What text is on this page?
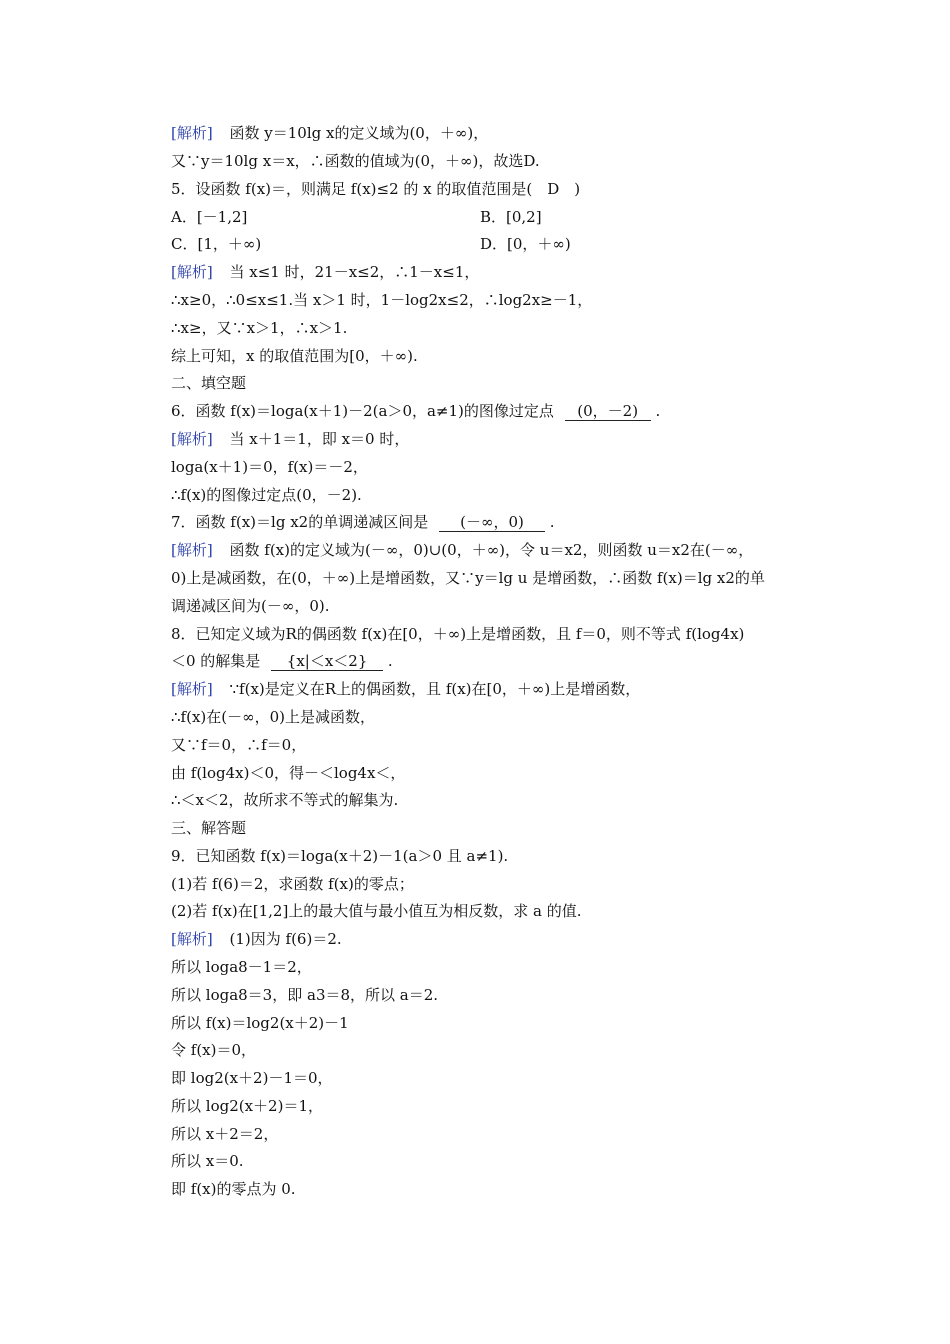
[解析] 函数 y＝10lg x的定义域为(0，＋∞)，
又∵y＝10lg x＝x，∴函数的值域为(0，＋∞)，故选D.
5．设函数 f(x)＝，则满足 f(x)≤2 的 x 的取值范围是(　D　)
A．[－1,2]	B．[0,2]
C．[1，＋∞)	D．[0，＋∞)
[解析] 当 x≤1 时，21－x≤2，∴1－x≤1，
∴x≥0，∴0≤x≤1.当 x＞1 时，1－log2x≤2，∴log2x≥－1，
∴x≥，又∵x＞1，∴x＞1.
综上可知，x 的取值范围为[0，＋∞).
二、填空题
6．函数 f(x)＝loga(x＋1)－2(a＞0，a≠1)的图像过定点 (0，－2) .
[解析] 当 x＋1＝1，即 x＝0 时，
loga(x＋1)＝0，f(x)＝－2，
∴f(x)的图像过定点(0，－2).
7．函数 f(x)＝lg x2的单调递减区间是 (－∞，0) .
[解析] 函数 f(x)的定义域为(－∞，0)∪(0，＋∞)，令 u＝x2，则函数 u＝x2在(－∞，
0)上是减函数，在(0，＋∞)上是增函数，又∵y＝lg u 是增函数，∴函数 f(x)＝lg x2的单
调递减区间为(－∞，0).
8．已知定义域为R的偶函数 f(x)在[0，＋∞)上是增函数，且 f＝0，则不等式 f(log4x)
＜0 的解集是 {x|＜x＜2} .
[解析] ∵f(x)是定义在R上的偶函数，且 f(x)在[0，＋∞)上是增函数，
∴f(x)在(－∞，0)上是减函数，
又∵f＝0，∴f＝0，
由 f(log4x)＜0，得－＜log4x＜，
∴＜x＜2，故所求不等式的解集为.
三、解答题
9．已知函数 f(x)＝loga(x＋2)－1(a＞0 且 a≠1).
(1)若 f(6)＝2，求函数 f(x)的零点；
(2)若 f(x)在[1,2]上的最大值与最小值互为相反数，求 a 的值.
[解析] (1)因为 f(6)＝2.
所以 loga8－1＝2，
所以 loga8＝3，即 a3＝8，所以 a＝2.
所以 f(x)＝log2(x＋2)－1
令 f(x)＝0，
即 log2(x＋2)－1＝0，
所以 log2(x＋2)＝1，
所以 x＋2＝2，
所以 x＝0.
即 f(x)的零点为 0.
